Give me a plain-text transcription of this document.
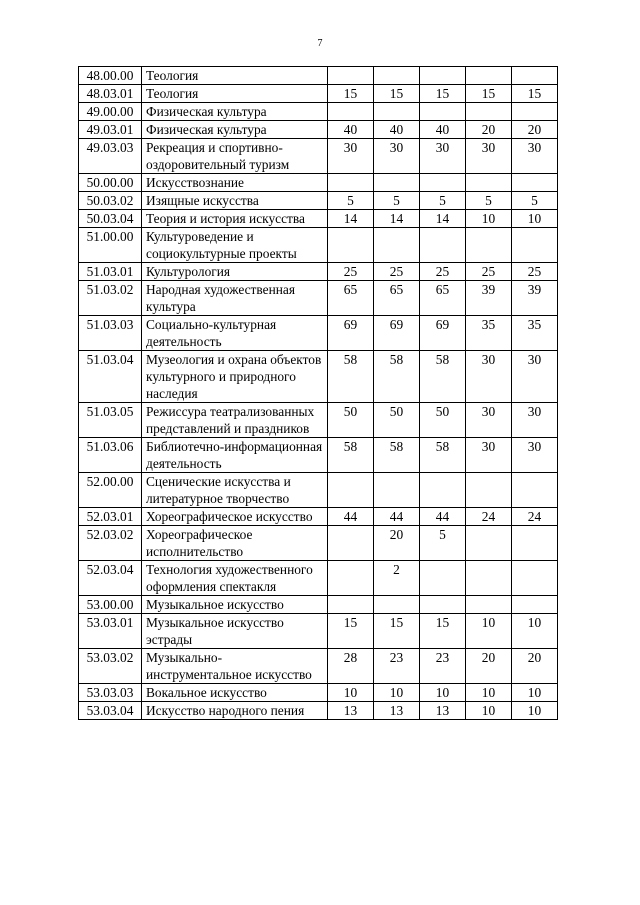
7
48.00.00	Теология					
48.03.01	Теология	15	15	15	15	15
49.00.00	Физическая культура					
49.03.01	Физическая культура	40	40	40	20	20
49.03.03	Рекреация и спортивно-оздоровительный туризм	30	30	30	30	30
50.00.00	Искусствознание					
50.03.02	Изящные искусства	5	5	5	5	5
50.03.04	Теория и история искусства	14	14	14	10	10
51.00.00	Культуроведение и социокультурные проекты					
51.03.01	Культурология	25	25	25	25	25
51.03.02	Народная художественная культура	65	65	65	39	39
51.03.03	Социально-культурная деятельность	69	69	69	35	35
51.03.04	Музеология и охрана объектов культурного и природного наследия	58	58	58	30	30
51.03.05	Режиссура театрализованных представлений и праздников	50	50	50	30	30
51.03.06	Библиотечно-информационная деятельность	58	58	58	30	30
52.00.00	Сценические искусства и литературное творчество					
52.03.01	Хореографическое искусство	44	44	44	24	24
52.03.02	Хореографическое исполнительство		20	5		
52.03.04	Технология художественного оформления спектакля		2			
53.00.00	Музыкальное искусство					
53.03.01	Музыкальное искусство эстрады	15	15	15	10	10
53.03.02	Музыкально-инструментальное искусство	28	23	23	20	20
53.03.03	Вокальное искусство	10	10	10	10	10
53.03.04	Искусство народного пения	13	13	13	10	10
